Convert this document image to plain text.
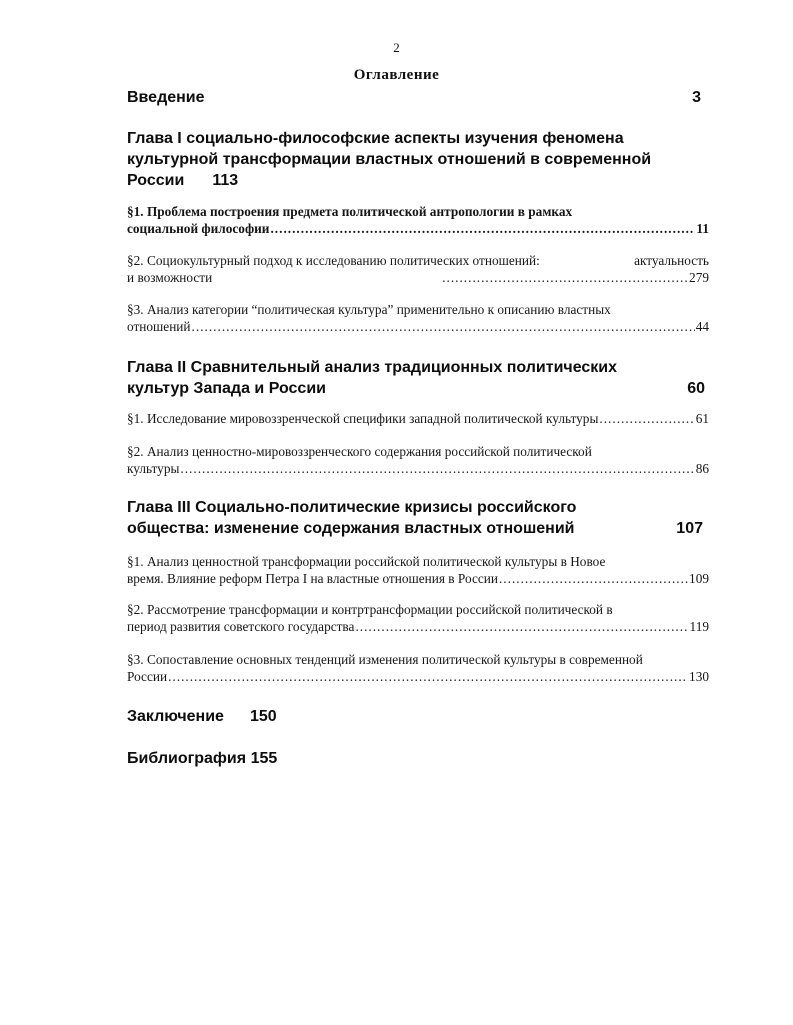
2
Оглавление
Введение	3
Глава I социально-философские аспекты изучения феномена
культурной трансформации властных отношений в современной
России 113
§1. Проблема построения предмета политической антропологии в рамках
социальной философии .....	11
§2. Социокультурный подход к исследованию политических отношений:	актуальность
и возможности .....	279
§3. Анализ категории “политическая культура” применительно к описанию властных
отношений .....	44
Глава II Сравнительный анализ традиционных политических
культур Запада и России	60
§1. Исследование мировоззренческой специфики западной политической культуры .....	61
§2. Анализ ценностно-мировоззренческого содержания российской политической
культуры .....	86
Глава III Социально-политические кризисы российского
общества: изменение содержания властных отношений	107
§1. Анализ ценностной трансформации российской политической культуры в Новое
время. Влияние реформ Петра I на властные отношения в России .....	109
§2. Рассмотрение трансформации и контртрансформации российской политической в
период развития советского государства .....	119
§3. Сопоставление основных тенденций изменения политической культуры в современной
России .....	130
Заключение 150
Библиография 155
